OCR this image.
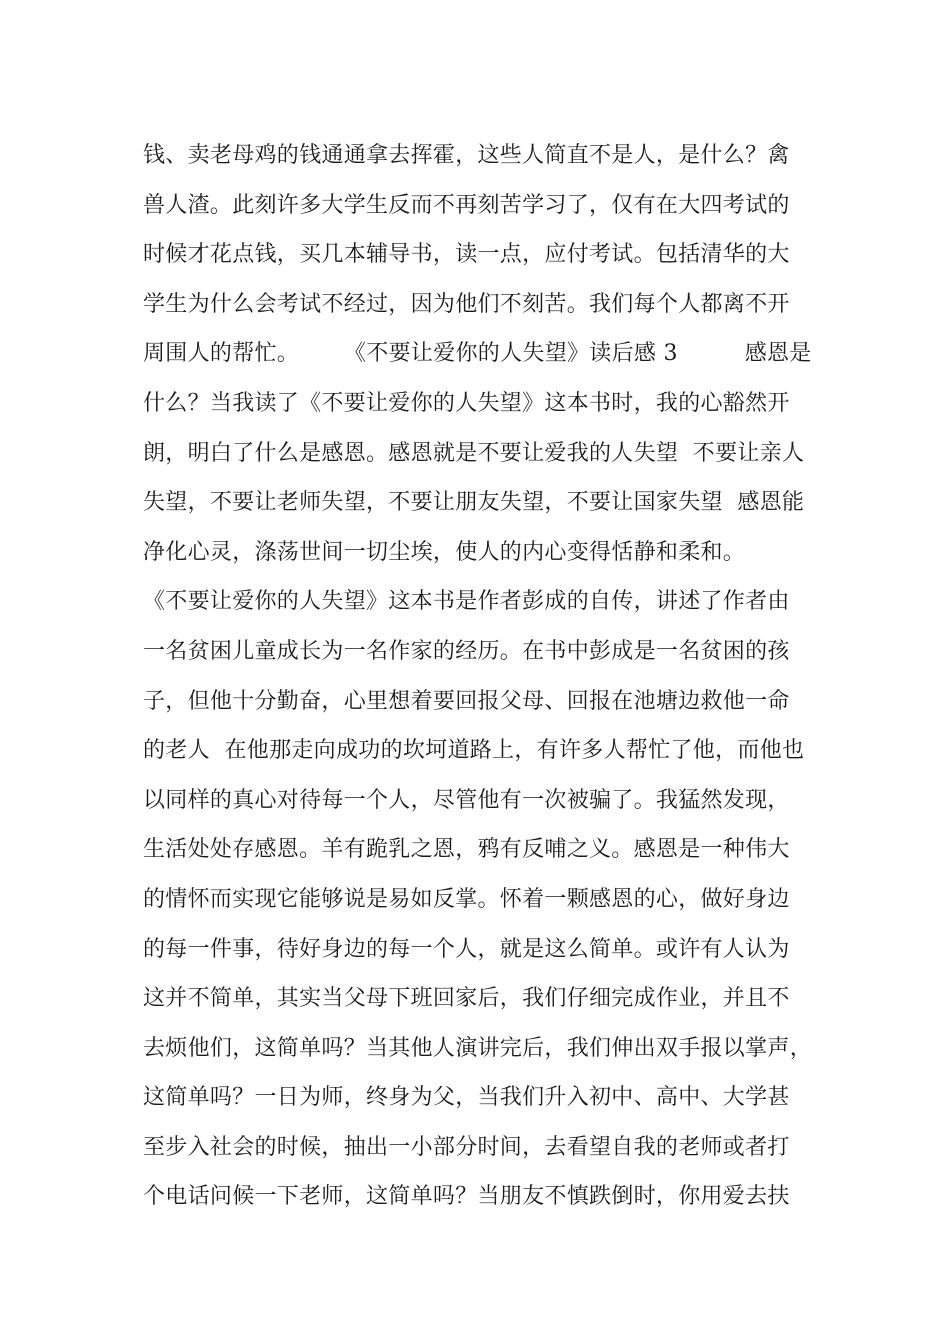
钱、卖老母鸡的钱通通拿去挥霍，这些人简直不是人，是什么？禽
兽人渣。此刻许多大学生反而不再刻苦学习了，仅有在大四考试的
时候才花点钱，买几本辅导书，读一点，应付考试。包括清华的大
学生为什么会考试不经过，因为他们不刻苦。我们每个人都离不开
周围人的帮忙。　　　《不要让爱你的人失望》读后感 3　　　感恩是
什么？当我读了《不要让爱你的人失望》这本书时，我的心豁然开
朗，明白了什么是感恩。感恩就是不要让爱我的人失望  不要让亲人
失望，不要让老师失望，不要让朋友失望，不要让国家失望  感恩能
净化心灵，涤荡世间一切尘埃，使人的内心变得恬静和柔和。
《不要让爱你的人失望》这本书是作者彭成的自传，讲述了作者由
一名贫困儿童成长为一名作家的经历。在书中彭成是一名贫困的孩
子，但他十分勤奋，心里想着要回报父母、回报在池塘边救他一命
的老人  在他那走向成功的坎坷道路上，有许多人帮忙了他，而他也
以同样的真心对待每一个人，尽管他有一次被骗了。我猛然发现，
生活处处存感恩。羊有跪乳之恩，鸦有反哺之义。感恩是一种伟大
的情怀而实现它能够说是易如反掌。怀着一颗感恩的心，做好身边
的每一件事，待好身边的每一个人，就是这么简单。或许有人认为
这并不简单，其实当父母下班回家后，我们仔细完成作业，并且不
去烦他们，这简单吗？当其他人演讲完后，我们伸出双手报以掌声，
这简单吗？一日为师，终身为父，当我们升入初中、高中、大学甚
至步入社会的时候，抽出一小部分时间，去看望自我的老师或者打
个电话问候一下老师，这简单吗？当朋友不慎跌倒时，你用爱去扶
